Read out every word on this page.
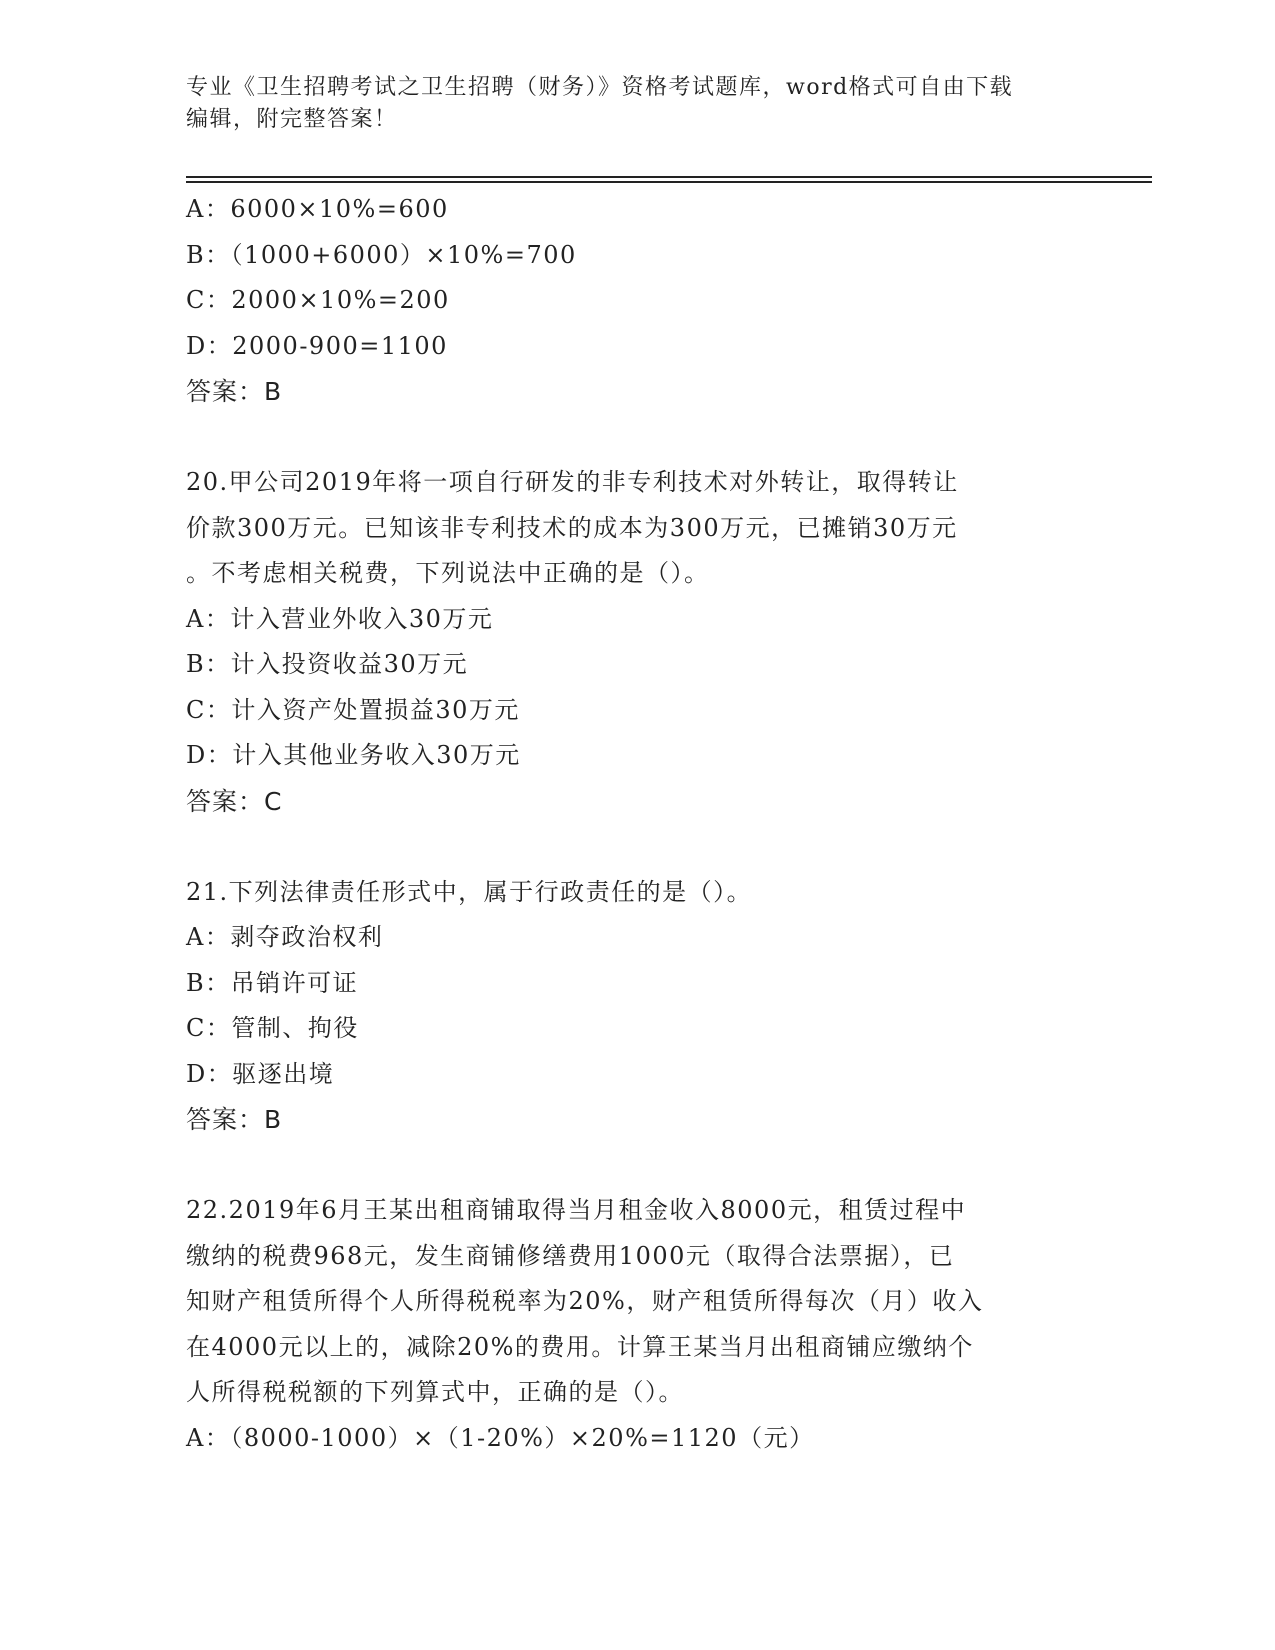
专业《卫生招聘考试之卫生招聘（财务）》资格考试题库，word格式可自由下载
编辑，附完整答案！
A：6000×10%=600
B：（1000+6000）×10%=700
C：2000×10%=200
D：2000-900=1100
答案：B
20.甲公司2019年将一项自行研发的非专利技术对外转让，取得转让
价款300万元。已知该非专利技术的成本为300万元，已摊销30万元
。不考虑相关税费，下列说法中正确的是（）。
A：计入营业外收入30万元
B：计入投资收益30万元
C：计入资产处置损益30万元
D：计入其他业务收入30万元
答案：C
21.下列法律责任形式中，属于行政责任的是（）。
A：剥夺政治权利
B：吊销许可证
C：管制、拘役
D：驱逐出境
答案：B
22.2019年6月王某出租商铺取得当月租金收入8000元，租赁过程中
缴纳的税费968元，发生商铺修缮费用1000元（取得合法票据），已
知财产租赁所得个人所得税税率为20%，财产租赁所得每次（月）收入
在4000元以上的，减除20%的费用。计算王某当月出租商铺应缴纳个
人所得税税额的下列算式中，正确的是（）。
A：（8000-1000）×（1-20%）×20%=1120（元）
